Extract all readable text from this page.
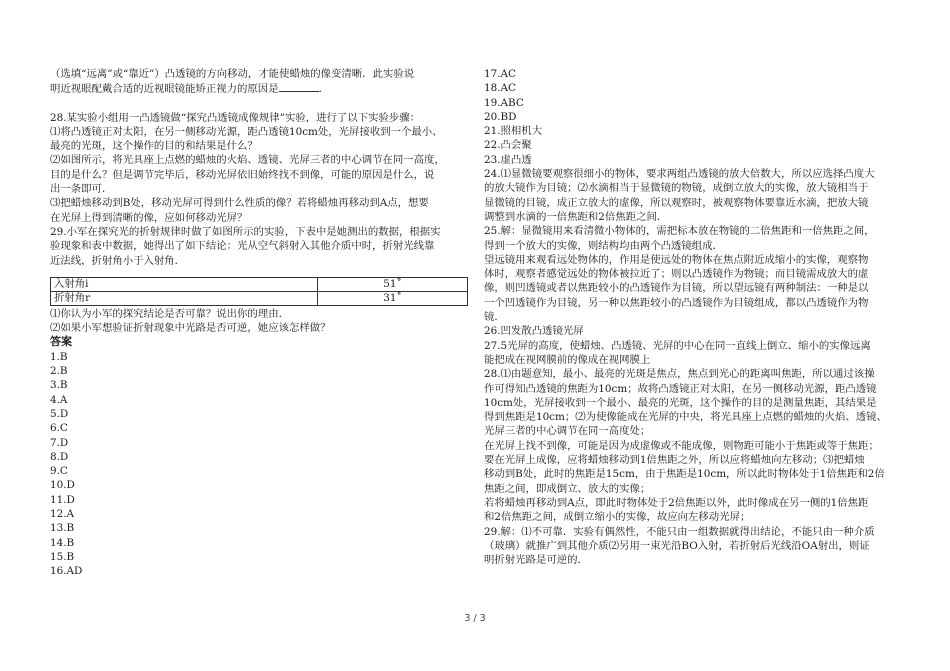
（选填“远离”或“靠近”）凸透镜的方向移动，才能使蜡烛的像变清晰．此实验说
明近视眼配戴合适的近视眼镜能矫正视力的原因是	．
28.某实验小组用一凸透镜做“探究凸透镜成像规律”实验，进行了以下实验步骤：
⑴将凸透镜正对太阳，在另一侧移动光源，距凸透镜10cm处，光屏接收到一个最小、
最亮的光斑，这个操作的目的和结果是什么？
⑵如图所示，将光具座上点燃的蜡烛的火焰、透镜、光屏三者的中心调节在同一高度，
目的是什么？但是调节完毕后，移动光屏依旧始终找不到像，可能的原因是什么，说
出一条即可．
⑶把蜡烛移动到B处，移动光屏可得到什么性质的像？若将蜡烛再移动到A点，想要
在光屏上得到清晰的像，应如何移动光屏？
29.小军在探究光的折射规律时做了如图所示的实验，下表中是她测出的数据，根据实
验现象和表中数据，她得出了如下结论：光从空气斜射入其他介质中时，折射光线靠
近法线，折射角小于入射角．
入射角i	51˚
折射角r	31˚
⑴你认为小军的探究结论是否可靠？说出你的理由．
⑵如果小军想验证折射现象中光路是否可逆，她应该怎样做？
答案
1.B
2.B
3.B
4.A
5.D
6.C
7.D
8.D
9.C
10.D
11.D
12.A
13.B
14.B
15.B
16.AD
17.AC
18.AC
19.ABC
20.BD
21.照相机大
22.凸会聚
23.虚凸透
24.⑴显微镜要观察很细小的物体，要求两组凸透镜的放大倍数大，所以应选择凸度大
的放大镜作为目镜；⑵水滴相当于显微镜的物镜，成倒立放大的实像，放大镜相当于
显微镜的目镜，成正立放大的虚像，所以观察时，被观察物体要靠近水滴，把放大镜
调整到水滴的一倍焦距和2倍焦距之间．
25.解：显微镜用来看清微小物体的，需把标本放在物镜的二倍焦距和一倍焦距之间，
得到一个放大的实像，则结构均由两个凸透镜组成．
望远镜用来观看远处物体的，作用是使远处的物体在焦点附近成缩小的实像，观察物
体时，观察者感觉远处的物体被拉近了；则以凸透镜作为物镜；而目镜需成放大的虚
像，则凹透镜或者以焦距较小的凸透镜作为目镜，所以望远镜有两种制法：一种是以
一个凹透镜作为目镜，另一种以焦距较小的凸透镜作为目镜组成，都以凸透镜作为物
镜．
26.凹发散凸透镜光屏
27.5光屏的高度，使蜡烛、凸透镜、光屏的中心在同一直线上倒立、缩小的实像远离
能把成在视网膜前的像成在视网膜上
28.⑴由题意知，最小、最亮的光斑是焦点，焦点到光心的距离叫焦距，所以通过该操
作可得知凸透镜的焦距为10cm；故将凸透镜正对太阳，在另一侧移动光源，距凸透镜
10cm处，光屏接收到一个最小、最亮的光斑，这个操作的目的是测量焦距，其结果是
得到焦距是10cm；⑵为使像能成在光屏的中央，将光具座上点燃的蜡烛的火焰、透镜、
光屏三者的中心调节在同一高度处；
在光屏上找不到像，可能是因为成虚像或不能成像，则物距可能小于焦距或等于焦距；
要在光屏上成像，应将蜡烛移动到1倍焦距之外，所以应将蜡烛向左移动；⑶把蜡烛
移动到B处，此时的焦距是15cm，由于焦距是10cm，所以此时物体处于1倍焦距和2倍
焦距之间，即成倒立、放大的实像；
若将蜡烛再移动到A点，即此时物体处于2倍焦距以外，此时像成在另一侧的1倍焦距
和2倍焦距之间，成倒立缩小的实像，故应向左移动光屏；
29.解：⑴不可靠．实验有偶然性，不能只由一组数据就得出结论，不能只由一种介质
（玻璃）就推广到其他介质⑵另用一束光沿BO入射，若折射后光线沿OA射出，则证
明折射光路是可逆的．
3 / 3
